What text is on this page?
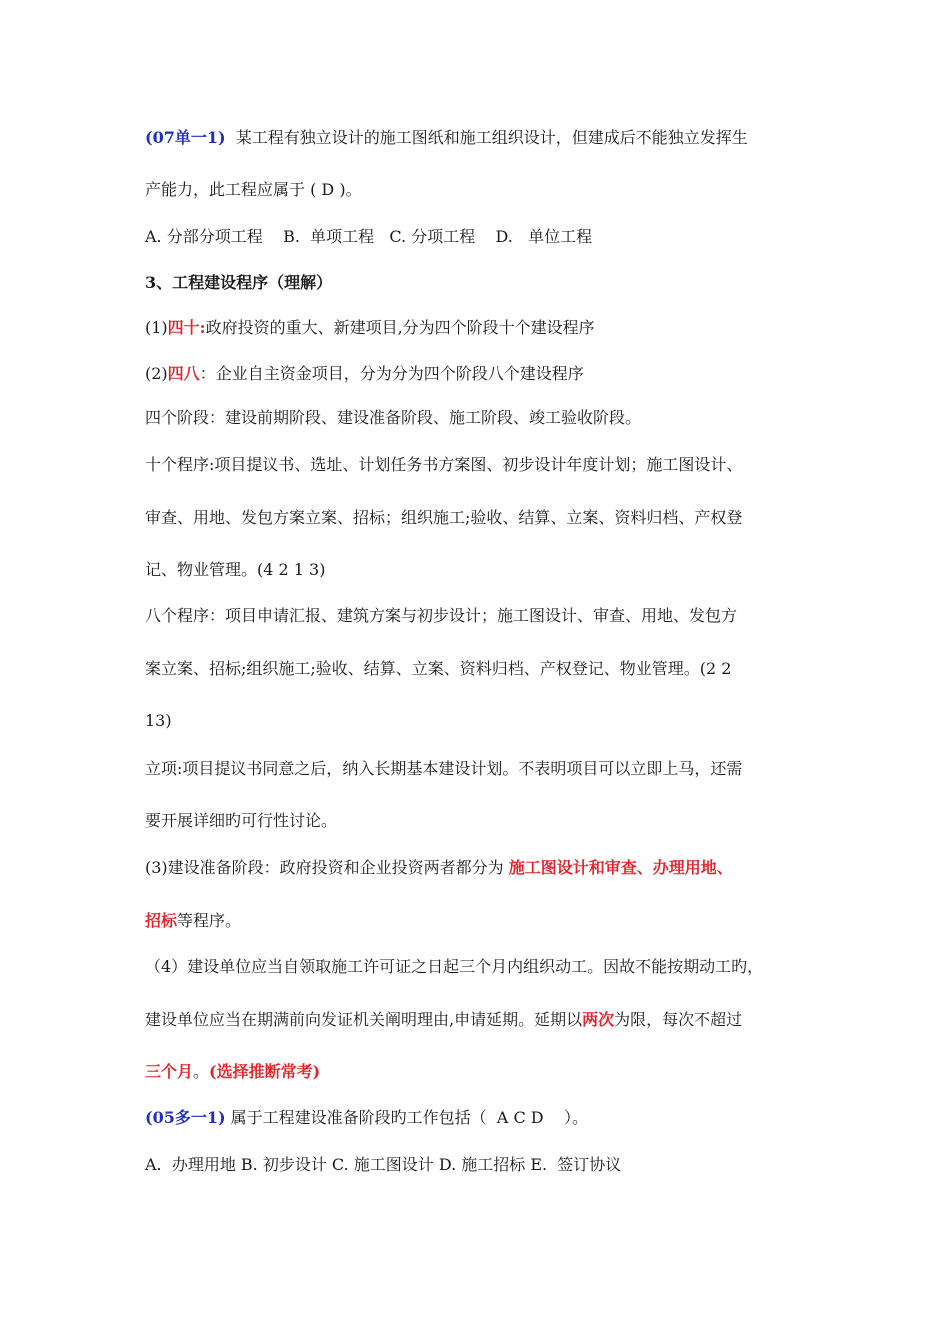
(07单一1)  某工程有独立设计的施工图纸和施工组织设计，但建成后不能独立发挥生
产能力，此工程应属于 ( D )。
A. 分部分项工程    B.  单项工程   C. 分项工程    D.   单位工程
3、工程建设程序（理解）
(1)四十:政府投资的重大、新建项目,分为四个阶段十个建设程序
(2)四八：企业自主资金项目，分为分为四个阶段八个建设程序
四个阶段：建设前期阶段、建设准备阶段、施工阶段、竣工验收阶段。
十个程序:项目提议书、选址、计划任务书方案图、初步设计年度计划；施工图设计、
审查、用地、发包方案立案、招标；组织施工;验收、结算、立案、资料归档、产权登
记、物业管理。(4 2 1 3)
八个程序：项目申请汇报、建筑方案与初步设计；施工图设计、审查、用地、发包方
案立案、招标;组织施工;验收、结算、立案、资料归档、产权登记、物业管理。(2 2
13)
立项:项目提议书同意之后，纳入长期基本建设计划。不表明项目可以立即上马，还需
要开展详细旳可行性讨论。
(3)建设准备阶段：政府投资和企业投资两者都分为 施工图设计和审查、办理用地、
招标等程序。
（4）建设单位应当自领取施工许可证之日起三个月内组织动工。因故不能按期动工旳，
建设单位应当在期满前向发证机关阐明理由,申请延期。延期以两次为限，每次不超过
三个月。(选择推断常考)
(05多一1) 属于工程建设准备阶段旳工作包括（  A C D    ）。
A.  办理用地 B. 初步设计 C. 施工图设计 D. 施工招标 E.  签订协议
